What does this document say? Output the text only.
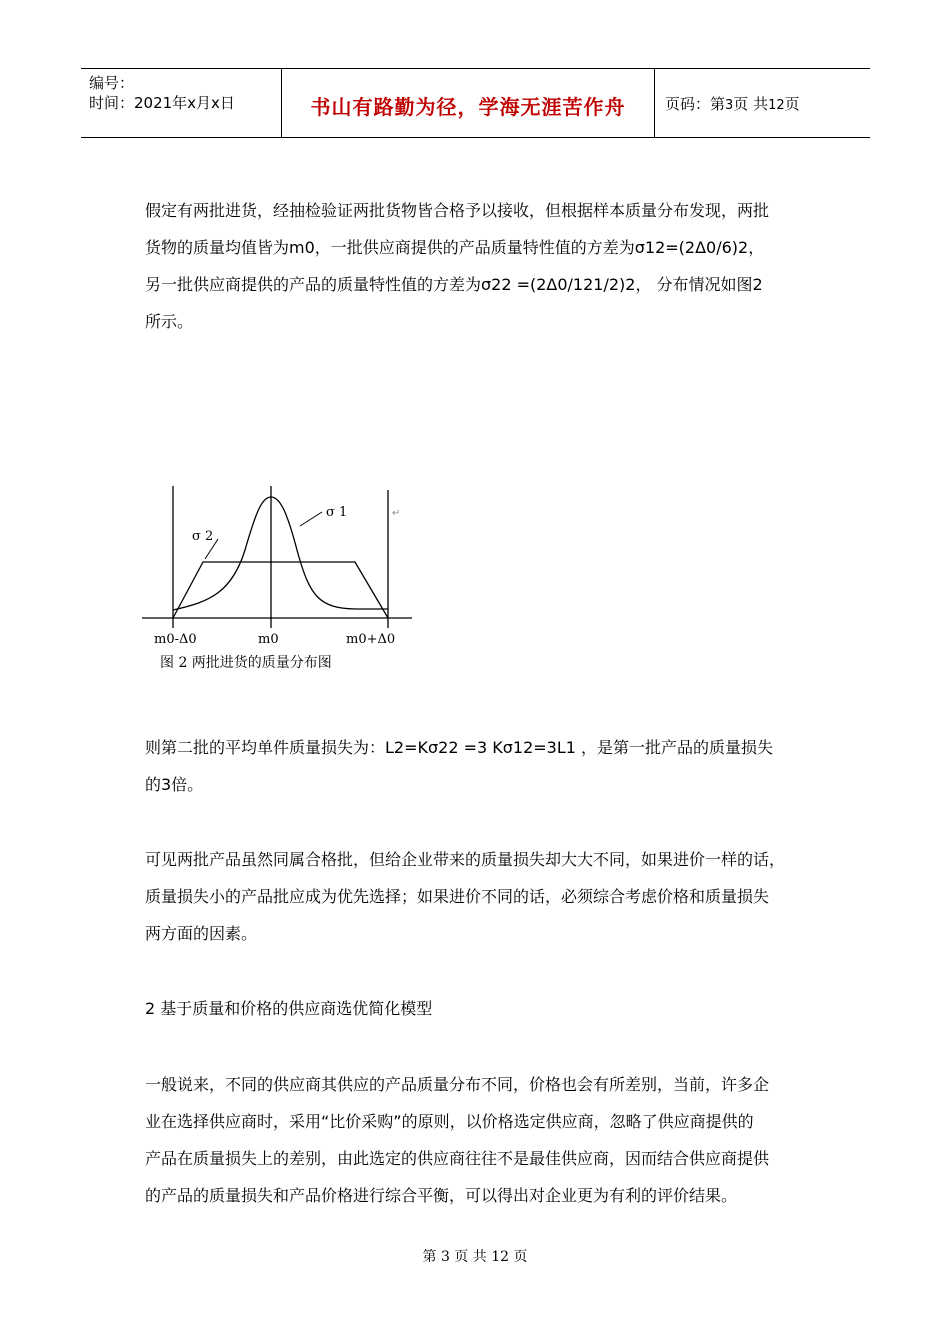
编号：
时间：2021年x月x日	书山有路勤为径，学海无涯苦作舟	页码：第3页 共12页

假定有两批进货，经抽检验证两批货物皆合格予以接收，但根据样本质量分布发现，两批
货物的质量均值皆为m0，一批供应商提供的产品质量特性值的方差为σ12=(2Δ0/6)2，
另一批供应商提供的产品的质量特性值的方差为σ22 =(2Δ0/121/2)2， 分布情况如图2
所示。

↵
σ 1
σ 2
m0-Δ0	m0	m0+Δ0
图 2 两批进货的质量分布图

则第二批的平均单件质量损失为：L2=Kσ22 =3 Kσ12=3L1 ，是第一批产品的质量损失
的3倍。

可见两批产品虽然同属合格批，但给企业带来的质量损失却大大不同，如果进价一样的话，
质量损失小的产品批应成为优先选择；如果进价不同的话，必须综合考虑价格和质量损失
两方面的因素。

2 基于质量和价格的供应商选优简化模型

一般说来，不同的供应商其供应的产品质量分布不同，价格也会有所差别，当前，许多企
业在选择供应商时，采用“比价采购”的原则，以价格选定供应商，忽略了供应商提供的
产品在质量损失上的差别，由此选定的供应商往往不是最佳供应商，因而结合供应商提供
的产品的质量损失和产品价格进行综合平衡，可以得出对企业更为有利的评价结果。

第 3 页 共 12 页
